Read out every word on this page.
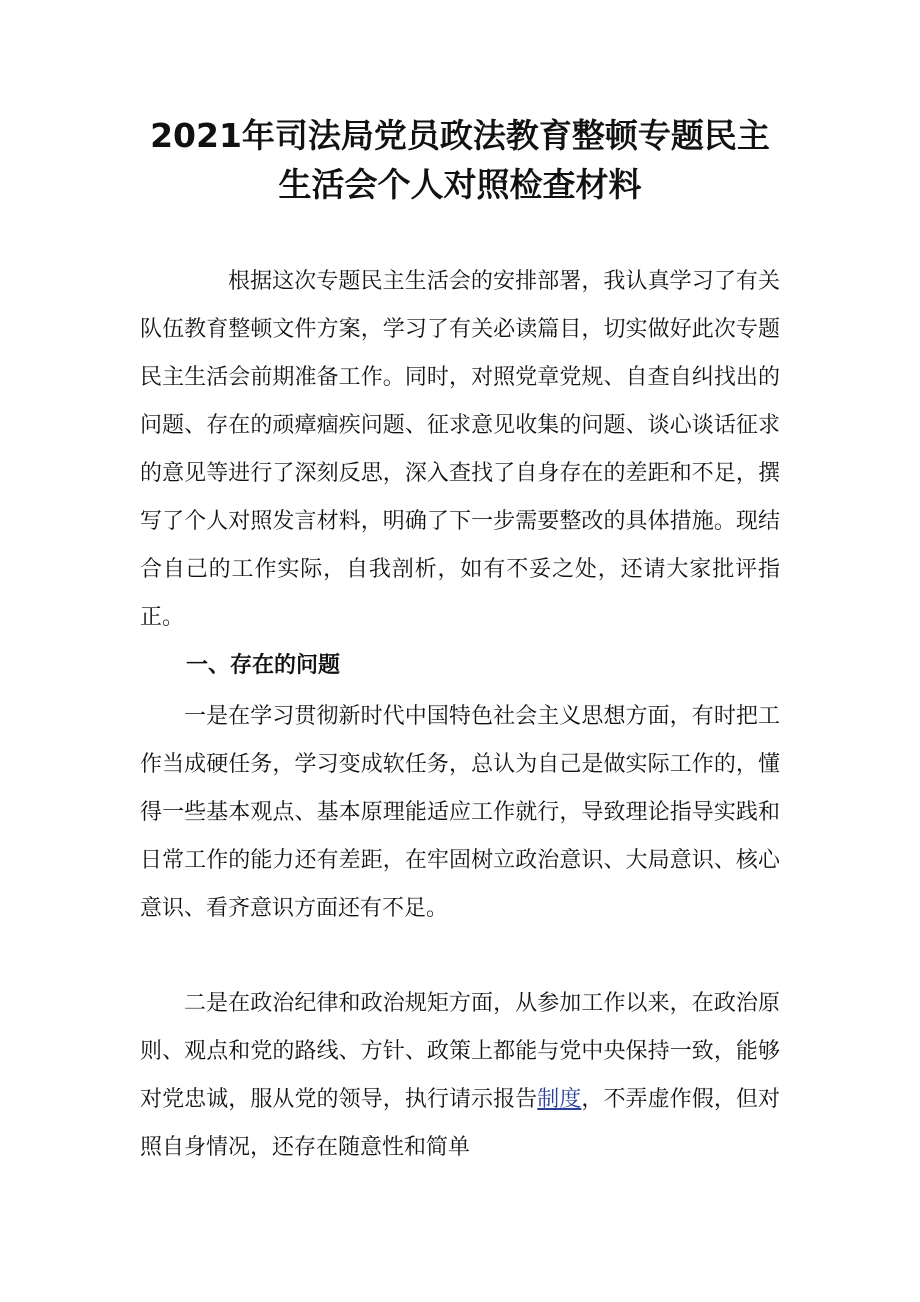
2021年司法局党员政法教育整顿专题民主
生活会个人对照检查材料

根据这次专题民主生活会的安排部署，我认真学习了有关队伍教育整顿文件方案，学习了有关必读篇目，切实做好此次专题民主生活会前期准备工作。同时，对照党章党规、自查自纠找出的问题、存在的顽瘴痼疾问题、征求意见收集的问题、谈心谈话征求的意见等进行了深刻反思，深入查找了自身存在的差距和不足，撰写了个人对照发言材料，明确了下一步需要整改的具体措施。现结合自己的工作实际，自我剖析，如有不妥之处，还请大家批评指正。

一、存在的问题

一是在学习贯彻新时代中国特色社会主义思想方面，有时把工作当成硬任务，学习变成软任务，总认为自己是做实际工作的，懂得一些基本观点、基本原理能适应工作就行，导致理论指导实践和日常工作的能力还有差距，在牢固树立政治意识、大局意识、核心意识、看齐意识方面还有不足。

二是在政治纪律和政治规矩方面，从参加工作以来，在政治原则、观点和党的路线、方针、政策上都能与党中央保持一致，能够对党忠诚，服从党的领导，执行请示报告制度，不弄虚作假，但对照自身情况，还存在随意性和简单
